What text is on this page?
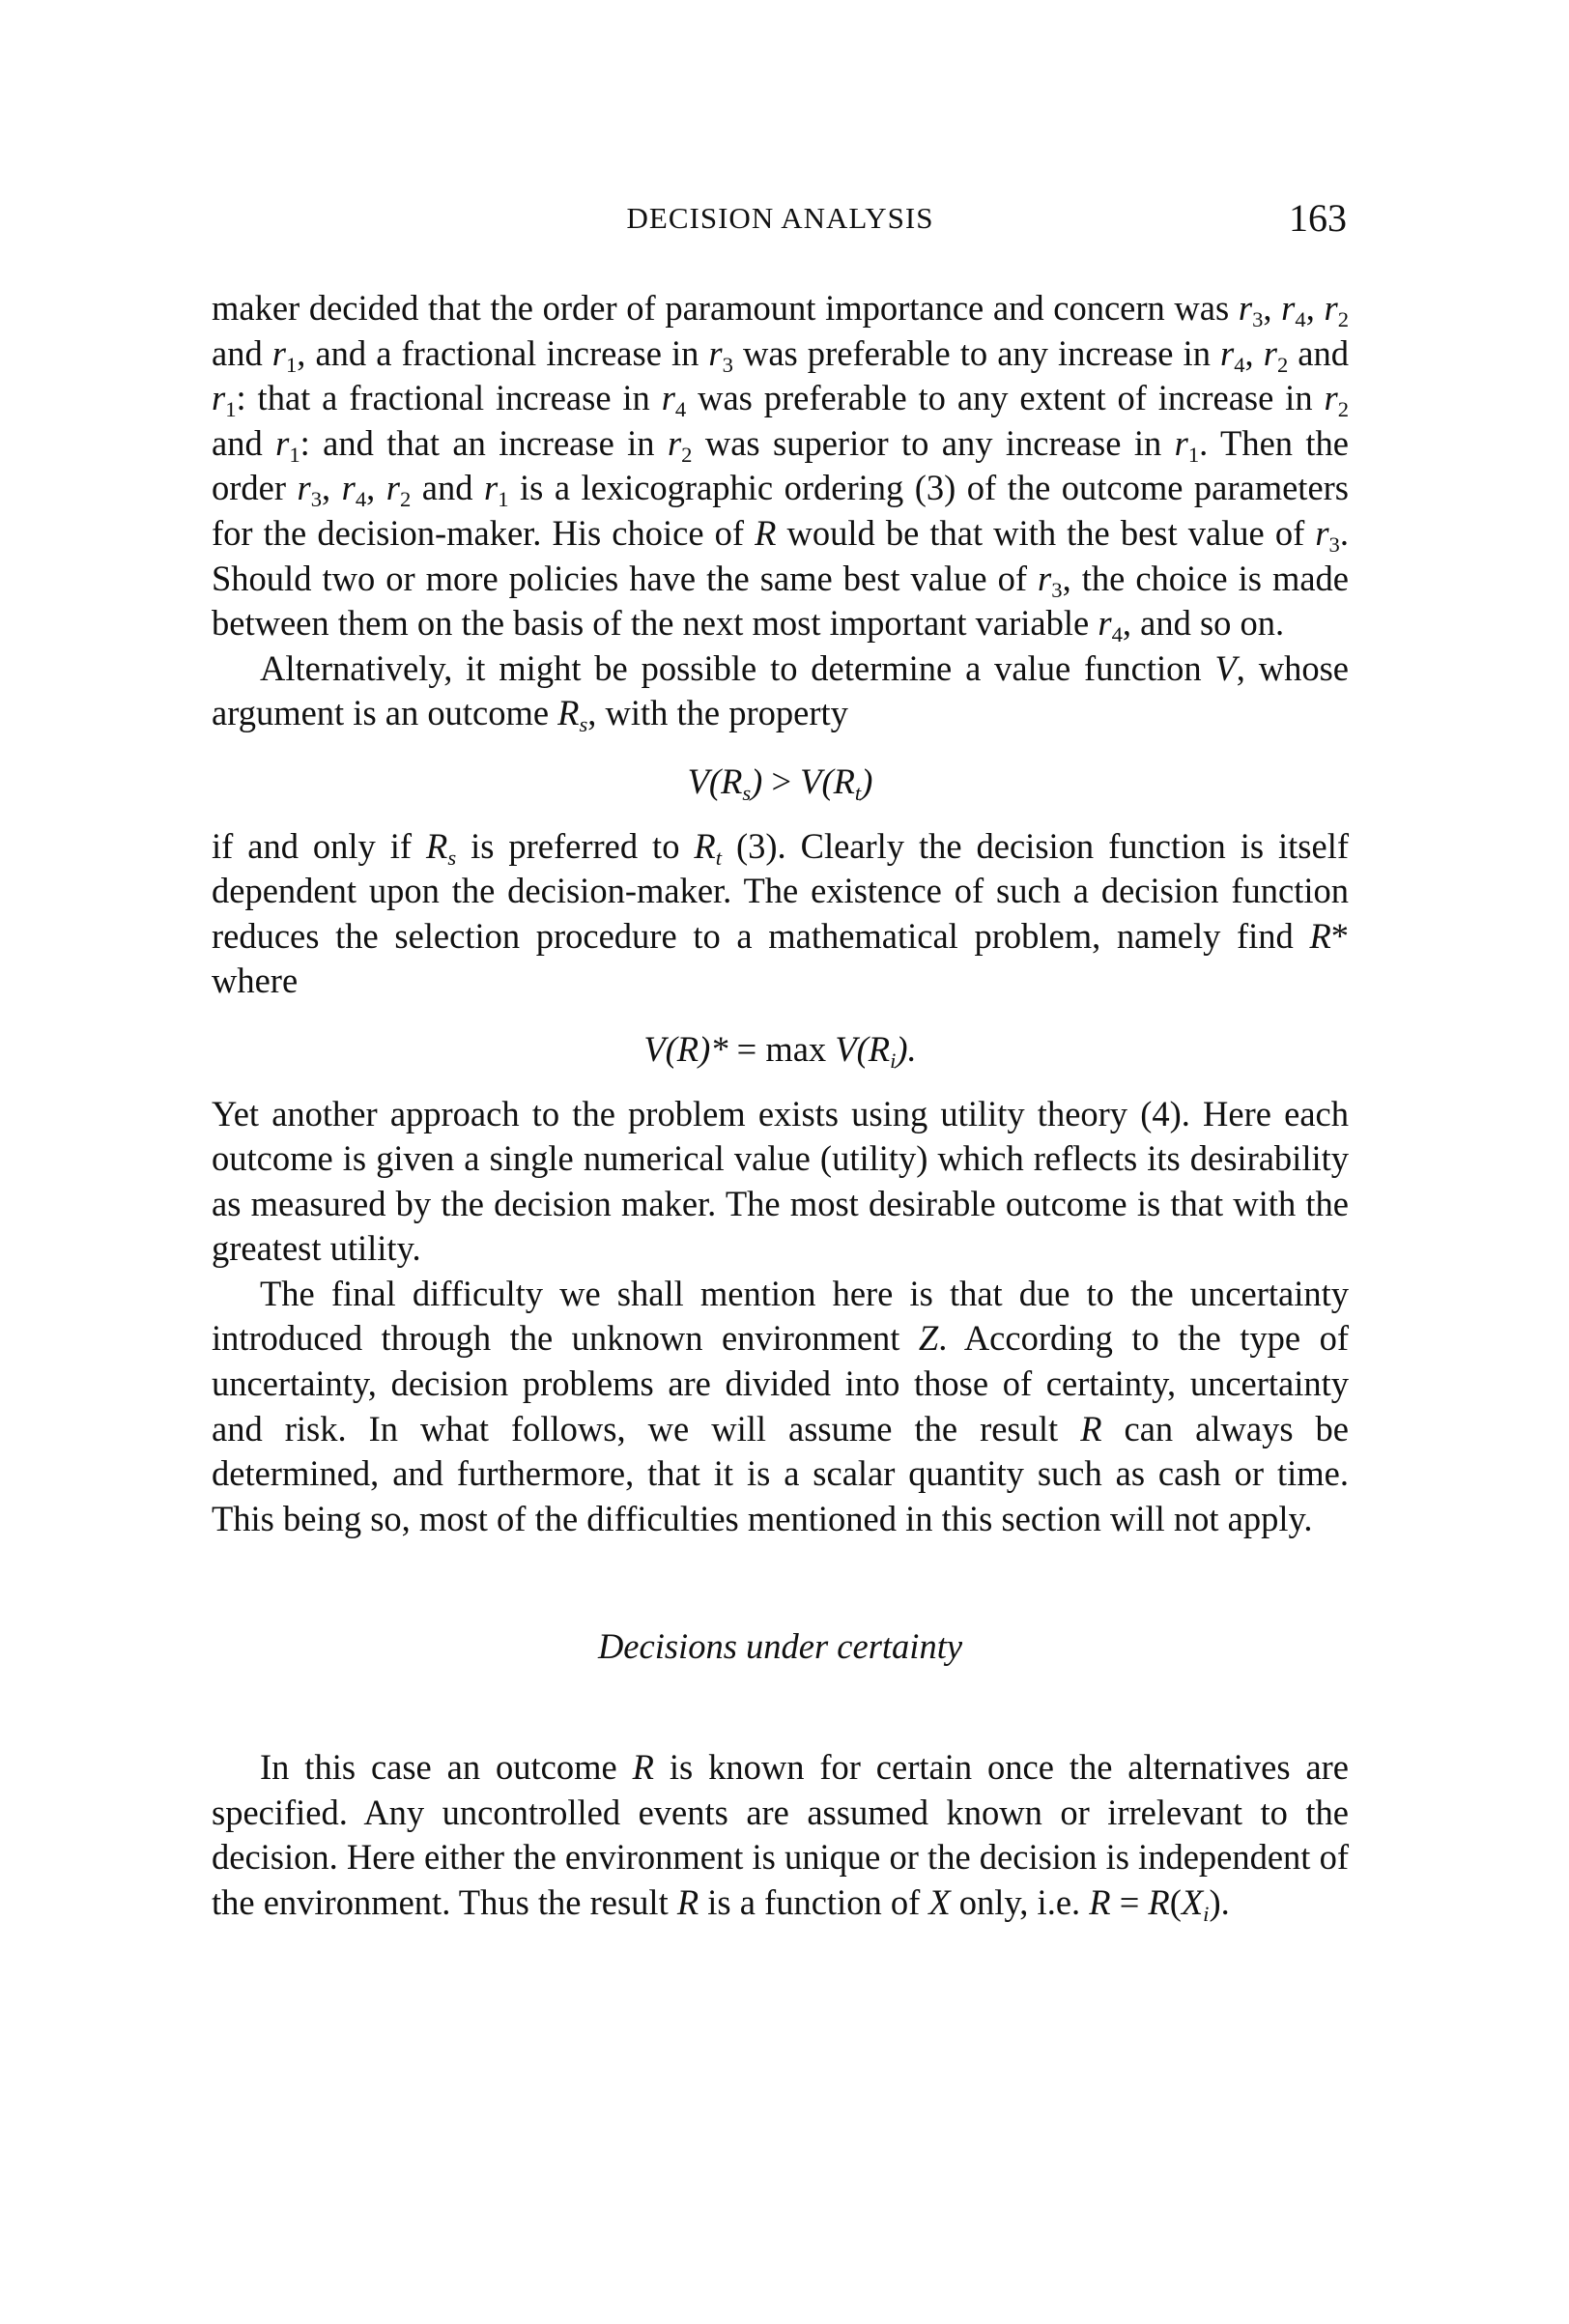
DECISION ANALYSIS	163

maker decided that the order of paramount importance and concern was $r_3$, $r_4$, $r_2$ and $r_1$, and a fractional increase in $r_3$ was preferable to any increase in $r_4$, $r_2$ and $r_1$: that a fractional increase in $r_4$ was preferable to any extent of increase in $r_2$ and $r_1$: and that an increase in $r_2$ was superior to any increase in $r_1$. Then the order $r_3$, $r_4$, $r_2$ and $r_1$ is a lexicographic ordering (3) of the outcome parameters for the decision-maker. His choice of R would be that with the best value of $r_3$. Should two or more policies have the same best value of $r_3$, the choice is made between them on the basis of the next most important variable $r_4$, and so on.

Alternatively, it might be possible to determine a value function V, whose argument is an outcome $R_s$, with the property

$V(R_s) > V(R_t)$

if and only if $R_s$ is preferred to $R_t$ (3). Clearly the decision function is itself dependent upon the decision-maker. The existence of such a decision function reduces the selection procedure to a mathematical problem, namely find R* where

$V(R)* = \max V(R_i)$.

Yet another approach to the problem exists using utility theory (4). Here each outcome is given a single numerical value (utility) which reflects its desirability as measured by the decision maker. The most desirable outcome is that with the greatest utility.

The final difficulty we shall mention here is that due to the uncertainty introduced through the unknown environment Z. According to the type of uncertainty, decision problems are divided into those of certainty, uncertainty and risk. In what follows, we will assume the result R can always be determined, and furthermore, that it is a scalar quantity such as cash or time. This being so, most of the difficulties mentioned in this section will not apply.

Decisions under certainty

In this case an outcome R is known for certain once the alternatives are specified. Any uncontrolled events are assumed known or irrelevant to the decision. Here either the environment is unique or the decision is independent of the environment. Thus the result R is a function of X only, i.e. $R = R(X_i)$.
